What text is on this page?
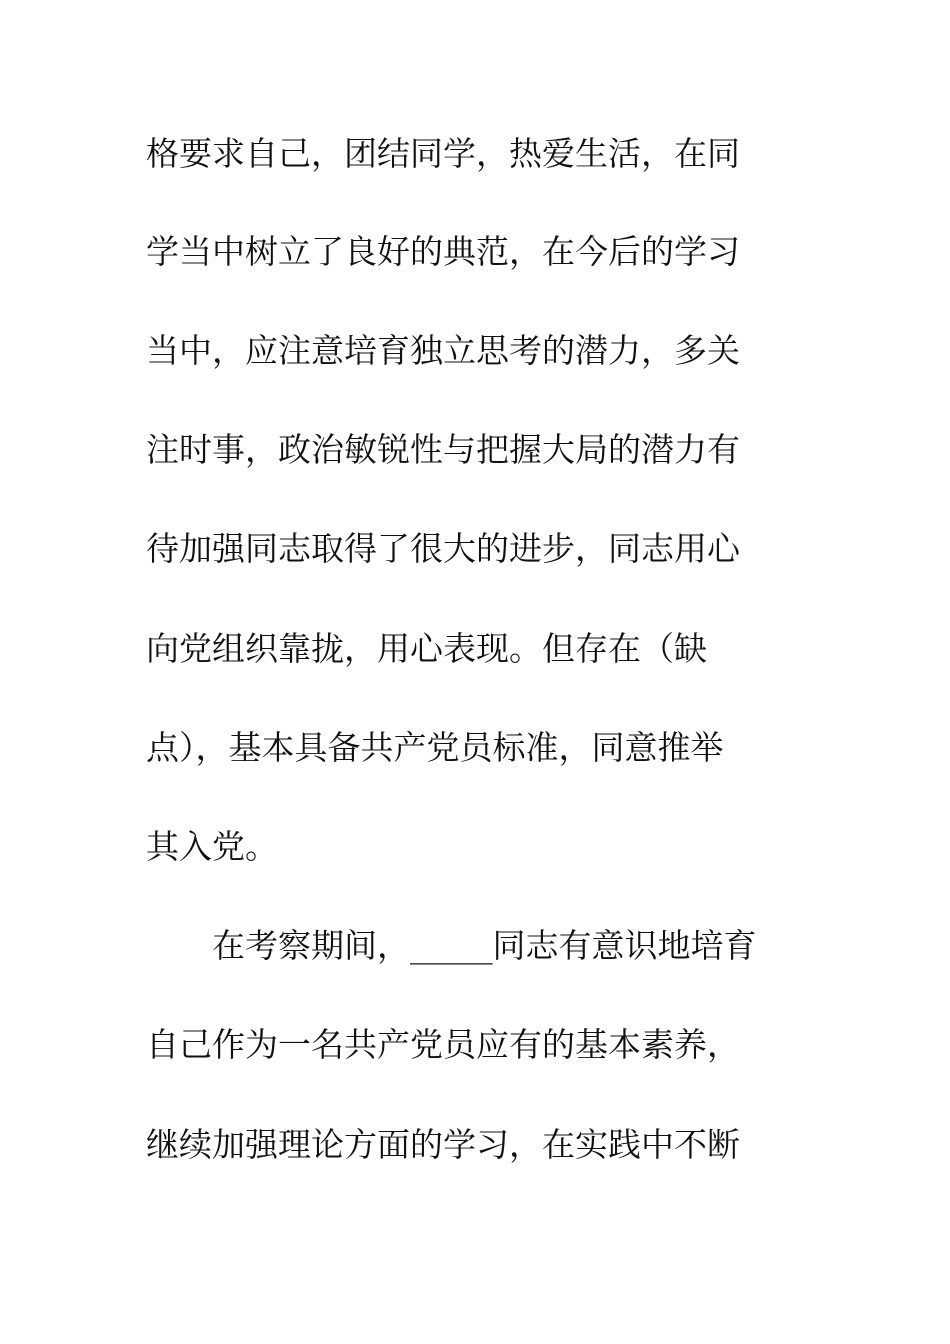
格要求自己，团结同学，热爱生活，在同
学当中树立了良好的典范，在今后的学习
当中，应注意培育独立思考的潜力，多关
注时事，政治敏锐性与把握大局的潜力有
待加强同志取得了很大的进步，同志用心
向党组织靠拢，用心表现。但存在（缺
点），基本具备共产党员标准，同意推举
其入党。
在考察期间，_____同志有意识地培育
自己作为一名共产党员应有的基本素养，
继续加强理论方面的学习，在实践中不断
